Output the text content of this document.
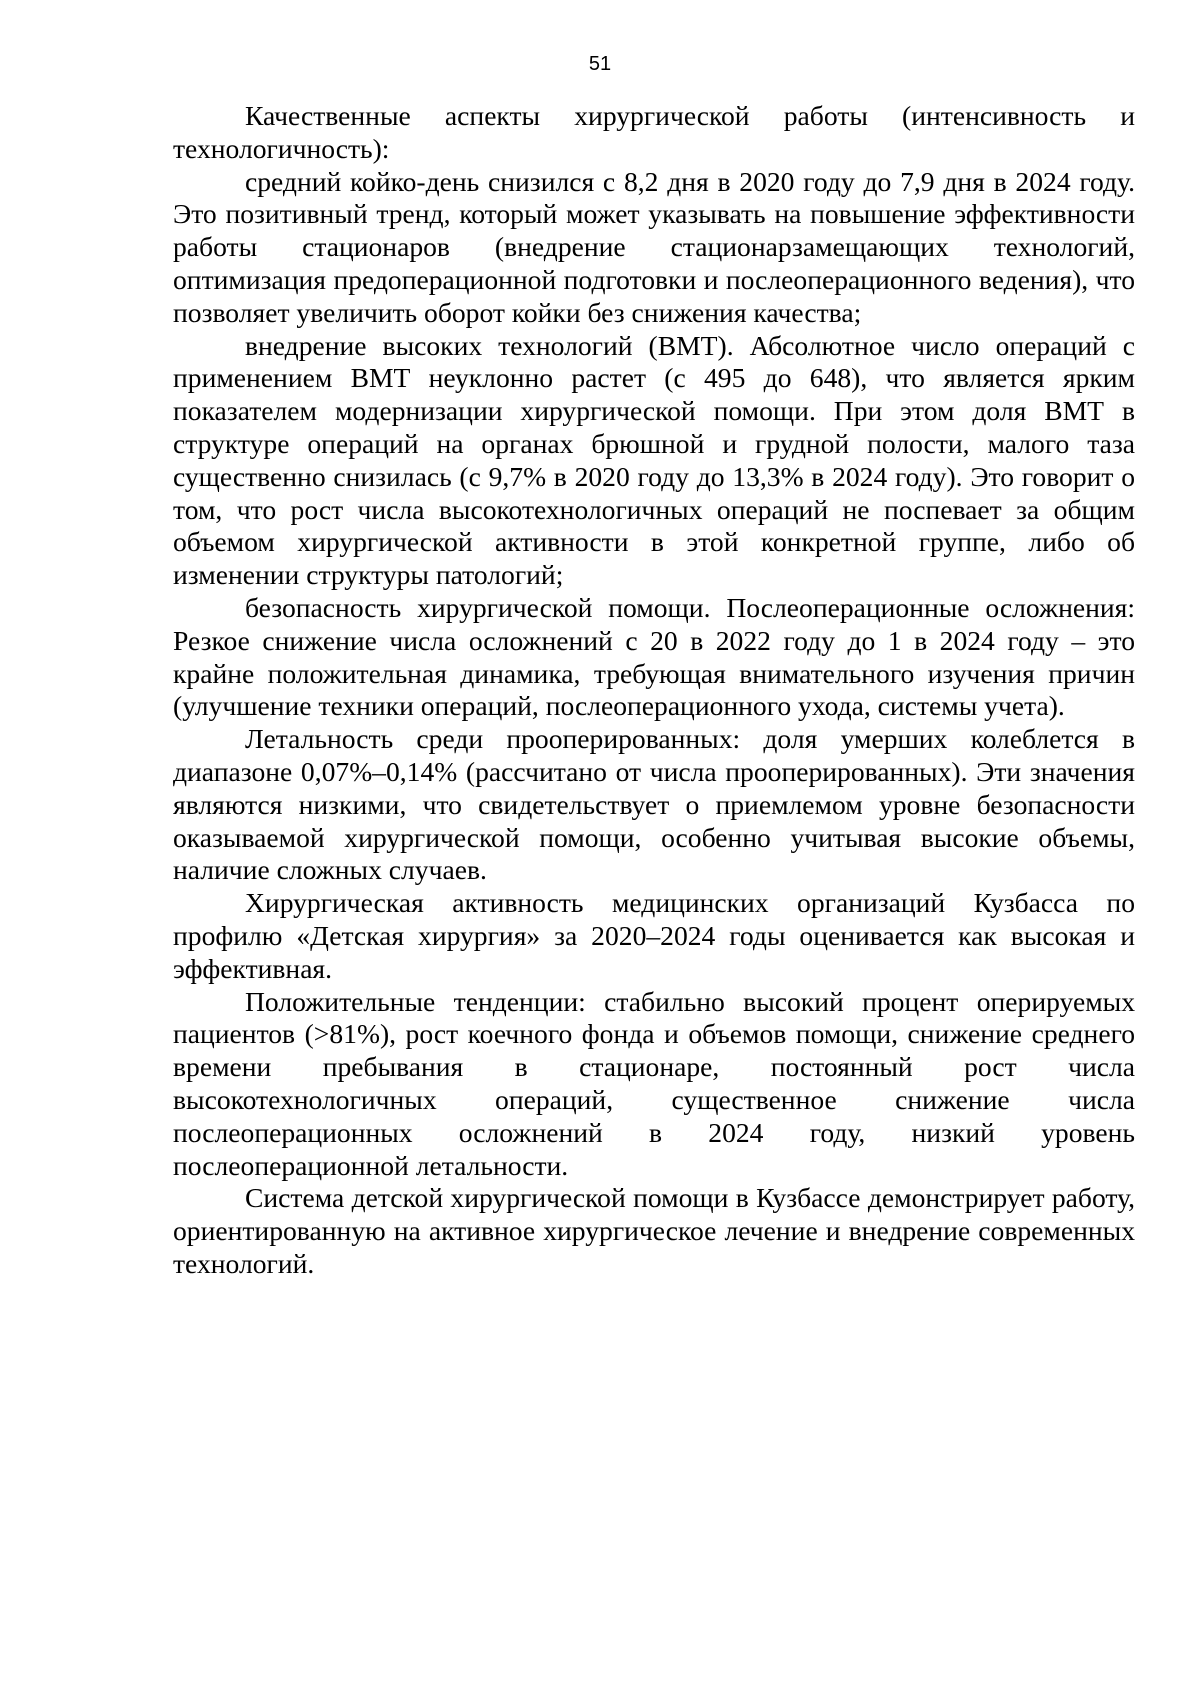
51

Качественные аспекты хирургической работы (интенсивность и технологичность):

средний койко-день снизился с 8,2 дня в 2020 году до 7,9 дня в 2024 году. Это позитивный тренд, который может указывать на повышение эффективности работы стационаров (внедрение стационарзамещающих технологий, оптимизация предоперационной подготовки и послеоперационного ведения), что позволяет увеличить оборот койки без снижения качества;

внедрение высоких технологий (ВМТ). Абсолютное число операций с применением ВМТ неуклонно растет (с 495 до 648), что является ярким показателем модернизации хирургической помощи. При этом доля ВМТ в структуре операций на органах брюшной и грудной полости, малого таза существенно снизилась (с 9,7% в 2020 году до 13,3% в 2024 году). Это говорит о том, что рост числа высокотехнологичных операций не поспевает за общим объемом хирургической активности в этой конкретной группе, либо об изменении структуры патологий;

безопасность хирургической помощи. Послеоперационные осложнения: Резкое снижение числа осложнений с 20 в 2022 году до 1 в 2024 году – это крайне положительная динамика, требующая внимательного изучения причин (улучшение техники операций, послеоперационного ухода, системы учета).

Летальность среди прооперированных: доля умерших колеблется в диапазоне 0,07%–0,14% (рассчитано от числа прооперированных). Эти значения являются низкими, что свидетельствует о приемлемом уровне безопасности оказываемой хирургической помощи, особенно учитывая высокие объемы, наличие сложных случаев.

Хирургическая активность медицинских организаций Кузбасса по профилю «Детская хирургия» за 2020–2024 годы оценивается как высокая и эффективная.

Положительные тенденции: стабильно высокий процент оперируемых пациентов (>81%), рост коечного фонда и объемов помощи, снижение среднего времени пребывания в стационаре, постоянный рост числа высокотехнологичных операций, существенное снижение числа послеоперационных осложнений в 2024 году, низкий уровень послеоперационной летальности.

Система детской хирургической помощи в Кузбассе демонстрирует работу, ориентированную на активное хирургическое лечение и внедрение современных технологий.
